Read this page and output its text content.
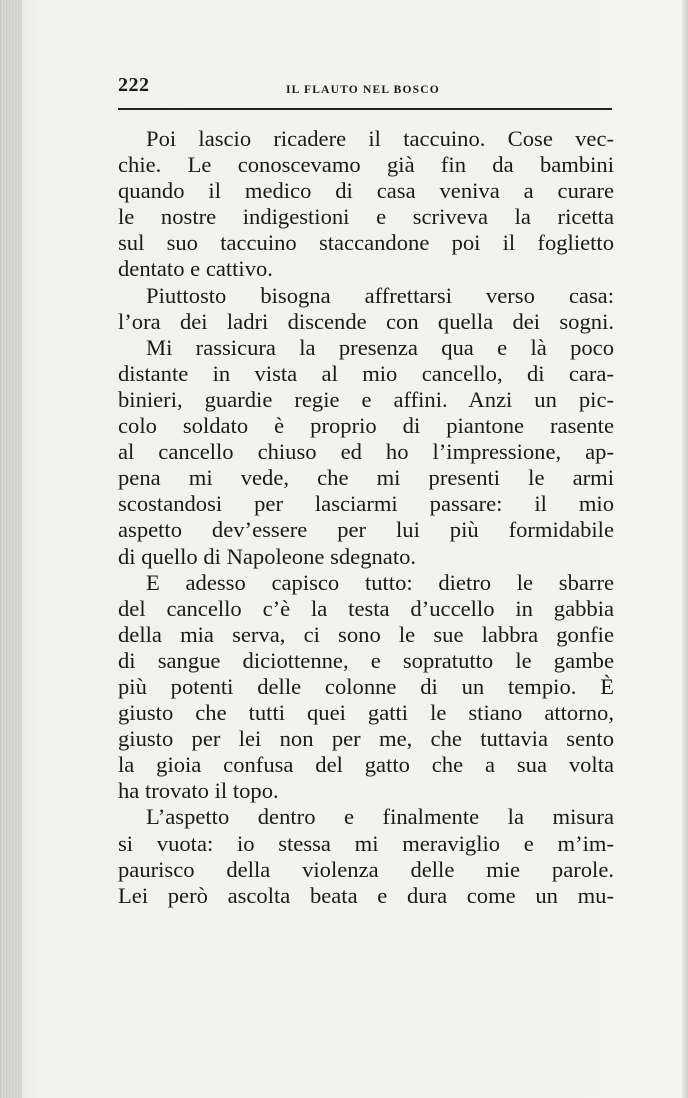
222	IL FLAUTO NEL BOSCO
Poi lascio ricadere il taccuino. Cose vec-
chie. Le conoscevamo già fin da bambini
quando il medico di casa veniva a curare
le nostre indigestioni e scriveva la ricetta
sul suo taccuino staccandone poi il foglietto
dentato e cattivo.
Piuttosto bisogna affrettarsi verso casa:
l’ora dei ladri discende con quella dei sogni.
Mi rassicura la presenza qua e là poco
distante in vista al mio cancello, di cara-
binieri, guardie regie e affini. Anzi un pic-
colo soldato è proprio di piantone rasente
al cancello chiuso ed ho l’impressione, ap-
pena mi vede, che mi presenti le armi
scostandosi per lasciarmi passare: il mio
aspetto dev’essere per lui più formidabile
di quello di Napoleone sdegnato.
E adesso capisco tutto: dietro le sbarre
del cancello c’è la testa d’uccello in gabbia
della mia serva, ci sono le sue labbra gonfie
di sangue diciottenne, e sopratutto le gambe
più potenti delle colonne di un tempio. È
giusto che tutti quei gatti le stiano attorno,
giusto per lei non per me, che tuttavia sento
la gioia confusa del gatto che a sua volta
ha trovato il topo.
L’aspetto dentro e finalmente la misura
si vuota: io stessa mi meraviglio e m’im-
paurisco della violenza delle mie parole.
Lei però ascolta beata e dura come un mu-
